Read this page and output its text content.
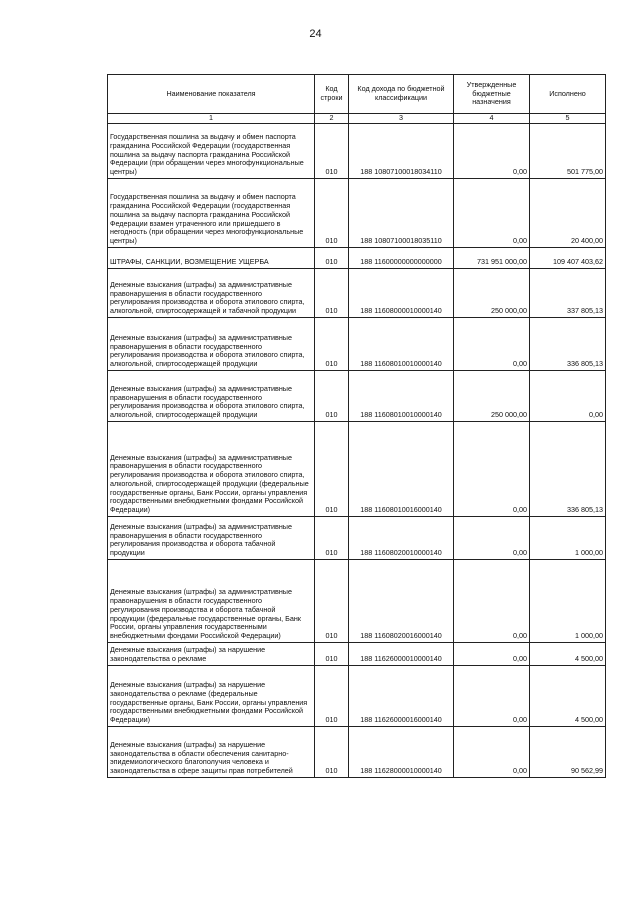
24
Наименование показателя	Код строки	Код дохода по бюджетной классификации	Утвержденные бюджетные назначения	Исполнено
1	2	3	4	5
Государственная пошлина за выдачу и обмен паспорта гражданина Российской Федерации (государственная пошлина за выдачу паспорта гражданина Российской Федерации (при обращении через многофункциональные центры)	010	188 10807100018034110	0,00	501 775,00
Государственная пошлина за выдачу и обмен паспорта гражданина Российской Федерации (государственная пошлина за выдачу паспорта гражданина Российской Федерации взамен утраченного или пришедшего в негодность (при обращении через многофункциональные центры)	010	188 10807100018035110	0,00	20 400,00
ШТРАФЫ, САНКЦИИ, ВОЗМЕЩЕНИЕ УЩЕРБА	010	188 11600000000000000	731 951 000,00	109 407 403,62
Денежные взыскания (штрафы) за административные правонарушения в области государственного регулирования производства и оборота этилового спирта, алкогольной, спиртосодержащей и табачной продукции	010	188 11608000010000140	250 000,00	337 805,13
Денежные взыскания (штрафы) за административные правонарушения в области государственного регулирования производства и оборота этилового спирта, алкогольной, спиртосодержащей продукции	010	188 11608010010000140	0,00	336 805,13
Денежные взыскания (штрафы) за административные правонарушения в области государственного регулирования производства и оборота этилового спирта, алкогольной, спиртосодержащей продукции	010	188 11608010010000140	250 000,00	0,00
Денежные взыскания (штрафы) за административные правонарушения в области государственного регулирования производства и оборота этилового спирта, алкогольной, спиртосодержащей продукции (федеральные государственные органы, Банк России, органы управления государственными внебюджетными фондами Российской Федерации)	010	188 11608010016000140	0,00	336 805,13
Денежные взыскания (штрафы) за административные правонарушения в области государственного регулирования производства и оборота табачной продукции	010	188 11608020010000140	0,00	1 000,00
Денежные взыскания (штрафы) за административные правонарушения в области государственного регулирования производства и оборота табачной продукции (федеральные государственные органы, Банк России, органы управления государственными внебюджетными фондами Российской Федерации)	010	188 11608020016000140	0,00	1 000,00
Денежные взыскания (штрафы) за нарушение законодательства о рекламе	010	188 11626000010000140	0,00	4 500,00
Денежные взыскания (штрафы) за нарушение законодательства о рекламе (федеральные государственные органы, Банк России, органы управления государственными внебюджетными фондами Российской Федерации)	010	188 11626000016000140	0,00	4 500,00
Денежные взыскания (штрафы) за нарушение законодательства в области обеспечения санитарно-эпидемиологического благополучия человека и законодательства в сфере защиты прав потребителей	010	188 11628000010000140	0,00	90 562,99
